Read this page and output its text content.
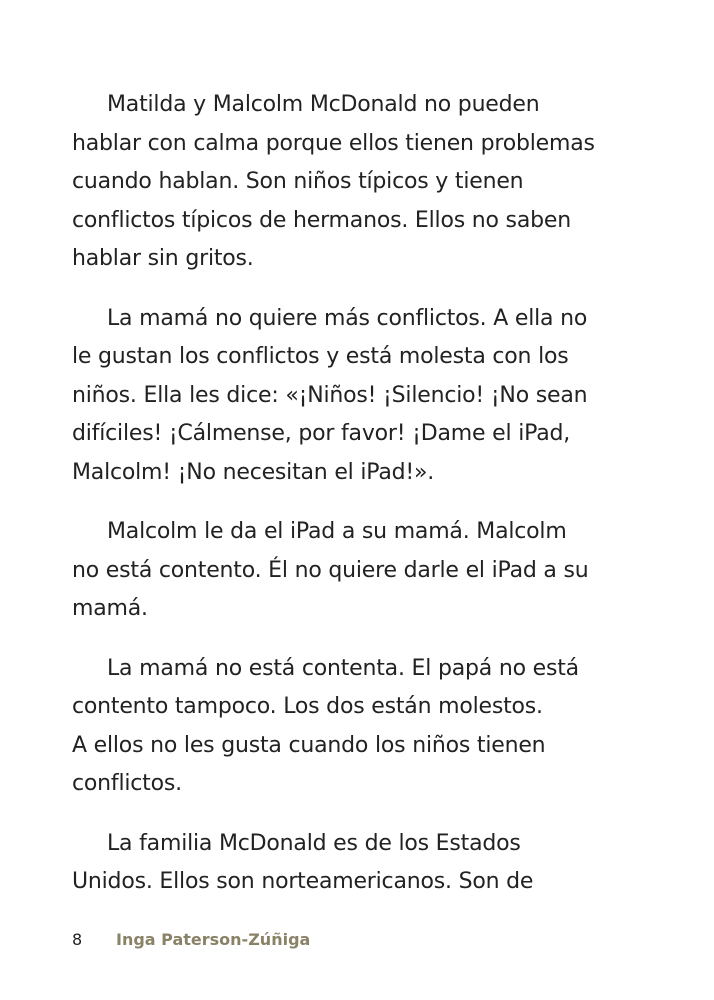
Matilda y Malcolm McDonald no pueden
hablar con calma porque ellos tienen problemas
cuando hablan. Son niños típicos y tienen
conflictos típicos de hermanos. Ellos no saben
hablar sin gritos.
La mamá no quiere más conflictos. A ella no
le gustan los conflictos y está molesta con los
niños. Ella les dice: «¡Niños! ¡Silencio! ¡No sean
difíciles! ¡Cálmense, por favor! ¡Dame el iPad,
Malcolm! ¡No necesitan el iPad!».
Malcolm le da el iPad a su mamá. Malcolm
no está contento. Él no quiere darle el iPad a su
mamá.
La mamá no está contenta. El papá no está
contento tampoco. Los dos están molestos.
A ellos no les gusta cuando los niños tienen
conflictos.
La familia McDonald es de los Estados
Unidos. Ellos son norteamericanos. Son de
8	Inga Paterson-Zúñiga
